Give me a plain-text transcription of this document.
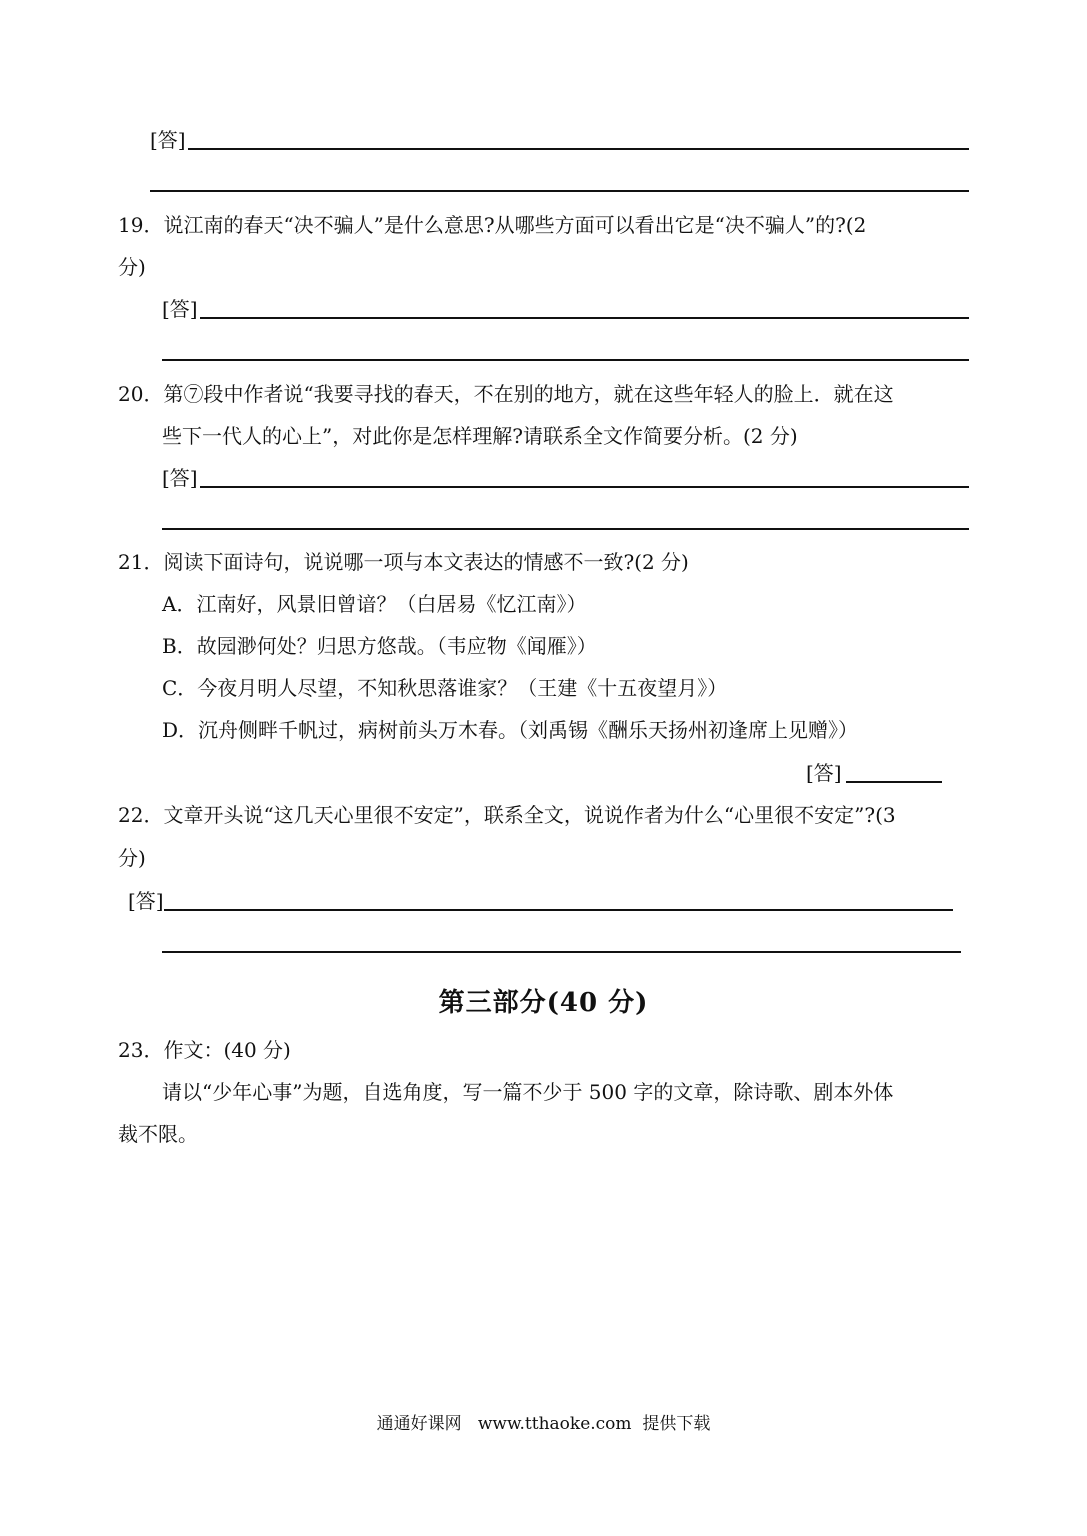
[答]
19．说江南的春天“决不骗人”是什么意思?从哪些方面可以看出它是“决不骗人”的?(2
分)
[答]
20．第⑦段中作者说“我要寻找的春天，不在别的地方，就在这些年轻人的脸上．就在这
些下一代人的心上”，对此你是怎样理解?请联系全文作简要分析。(2 分)
[答]
21．阅读下面诗句，说说哪一项与本文表达的情感不一致?(2 分)
A．江南好，风景旧曾谙？（白居易《忆江南》）
B．故园渺何处？归思方悠哉。（韦应物《闻雁》）
C．今夜月明人尽望，不知秋思落谁家？（王建《十五夜望月》）
D．沉舟侧畔千帆过，病树前头万木春。（刘禹锡《酬乐天扬州初逢席上见赠》）
[答]
22．文章开头说“这几天心里很不安定”，联系全文，说说作者为什么“心里很不安定”?(3
分)
[答]
第三部分(40 分)
23．作文：(40 分)
请以“少年心事”为题，自选角度，写一篇不少于 500 字的文章，除诗歌、剧本外体
裁不限。
通通好课网   www.tthaoke.com  提供下载
